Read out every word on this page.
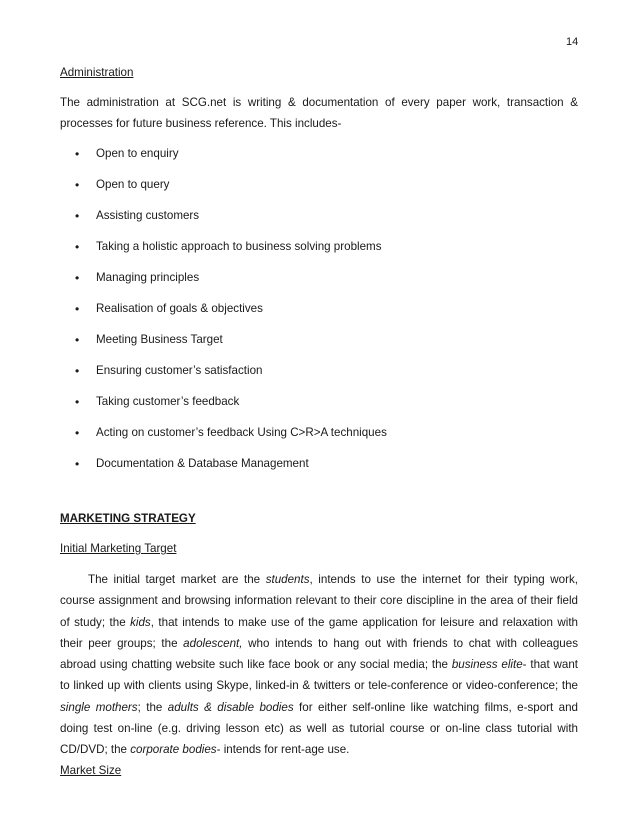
14
Administration

The administration at SCG.net is writing & documentation of every paper work, transaction & processes for future business reference. This includes-

• Open to enquiry
• Open to query
• Assisting customers
• Taking a holistic approach to business solving problems
• Managing principles
• Realisation of goals & objectives
• Meeting Business Target
• Ensuring customer’s satisfaction
• Taking customer’s feedback
• Acting on customer’s feedback Using C>R>A techniques
• Documentation & Database Management
MARKETING STRATEGY
Initial Marketing Target

The initial target market are the students, intends to use the internet for their typing work, course assignment and browsing information relevant to their core discipline in the area of their field of study; the kids, that intends to make use of the game application for leisure and relaxation with their peer groups; the adolescent, who intends to hang out with friends to chat with colleagues abroad using chatting website such like face book or any social media; the business elite- that want to linked up with clients using Skype, linked-in & twitters or tele-conference or video-conference; the single mothers; the adults & disable bodies for either self-online like watching films, e-sport and doing test on-line (e.g. driving lesson etc) as well as tutorial course or on-line class tutorial with CD/DVD; the corporate bodies- intends for rent-age use.

Market Size
